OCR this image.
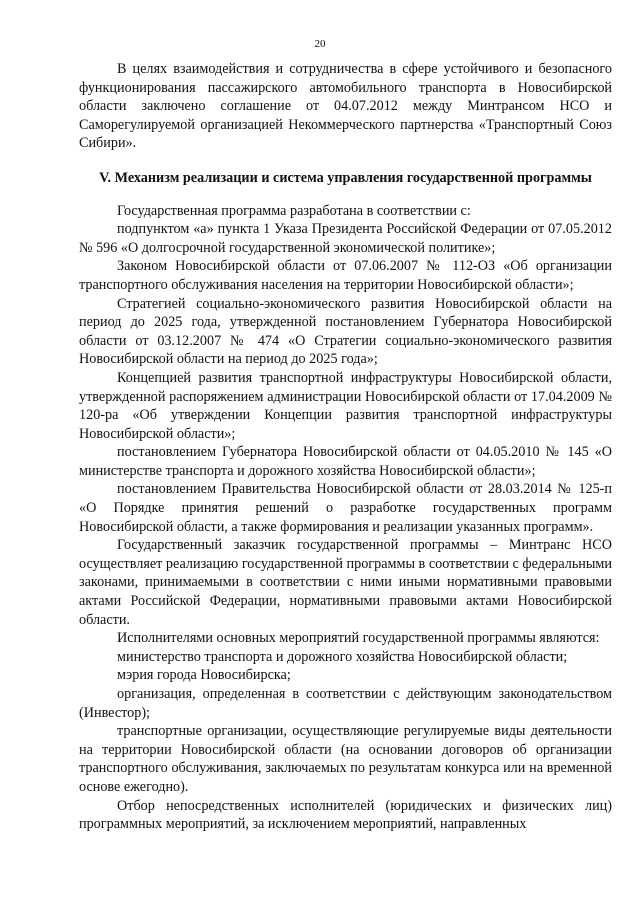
20

В целях взаимодействия и сотрудничества в сфере устойчивого и безопасного функционирования пассажирского автомобильного транспорта в Новосибирской области заключено соглашение от 04.07.2012 между Минтрансом НСО и Саморегулируемой организацией Некоммерческого партнерства «Транспортный Союз Сибири».

V. Механизм реализации и система управления государственной программы

Государственная программа разработана в соответствии с:

подпунктом «а» пункта 1 Указа Президента Российской Федерации от 07.05.2012 № 596 «О долгосрочной государственной экономической политике»;

Законом Новосибирской области от 07.06.2007 № 112-ОЗ «Об организации транспортного обслуживания населения на территории Новосибирской области»;

Стратегией социально-экономического развития Новосибирской области на период до 2025 года, утвержденной постановлением Губернатора Новосибирской области от 03.12.2007 № 474 «О Стратегии социально-экономического развития Новосибирской области на период до 2025 года»;

Концепцией развития транспортной инфраструктуры Новосибирской области, утвержденной распоряжением администрации Новосибирской области от 17.04.2009 № 120-ра «Об утверждении Концепции развития транспортной инфраструктуры Новосибирской области»;

постановлением Губернатора Новосибирской области от 04.05.2010 № 145 «О министерстве транспорта и дорожного хозяйства Новосибирской области»;

постановлением Правительства Новосибирской области от 28.03.2014 № 125-п «О Порядке принятия решений о разработке государственных программ Новосибирской области, а также формирования и реализации указанных программ».

Государственный заказчик государственной программы – Минтранс НСО осуществляет реализацию государственной программы в соответствии с федеральными законами, принимаемыми в соответствии с ними иными нормативными правовыми актами Российской Федерации, нормативными правовыми актами Новосибирской области.

Исполнителями основных мероприятий государственной программы являются:

министерство транспорта и дорожного хозяйства Новосибирской области;

мэрия города Новосибирска;

организация, определенная в соответствии с действующим законодательством (Инвестор);

транспортные организации, осуществляющие регулируемые виды деятельности на территории Новосибирской области (на основании договоров об организации транспортного обслуживания, заключаемых по результатам конкурса или на временной основе ежегодно).

Отбор непосредственных исполнителей (юридических и физических лиц) программных мероприятий, за исключением мероприятий, направленных
